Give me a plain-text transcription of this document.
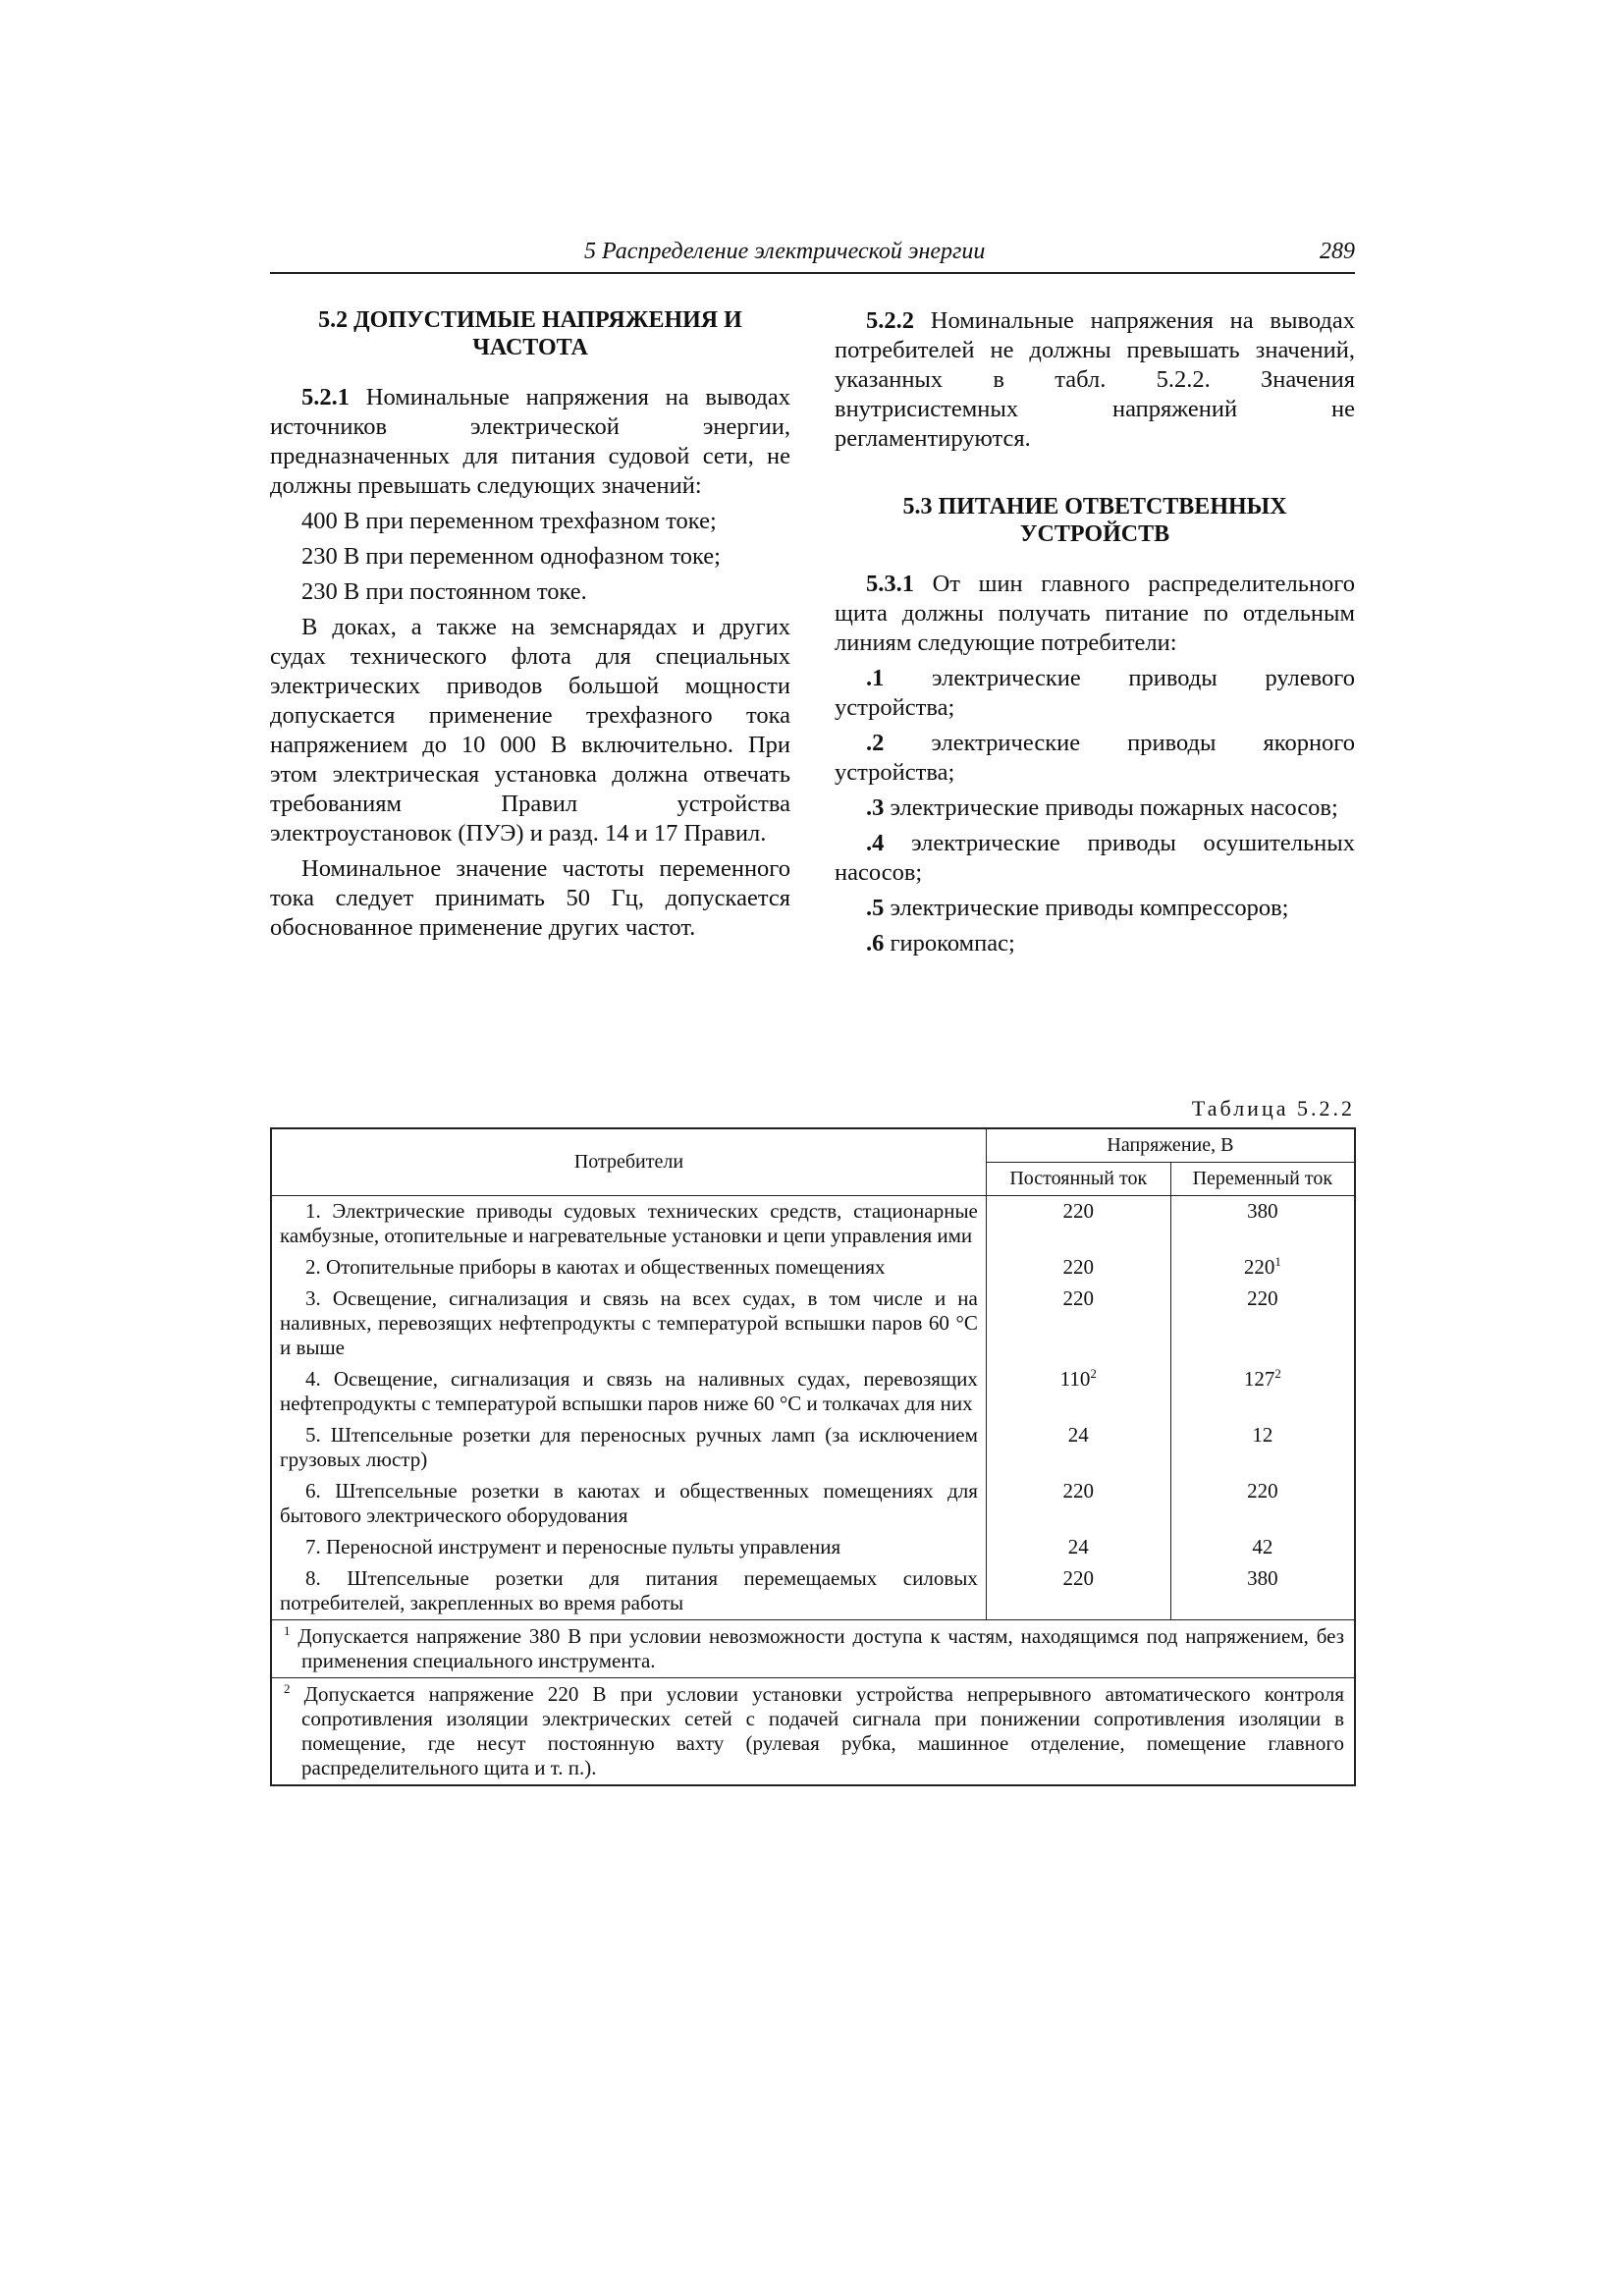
5 Распределение электрической энергии	289
5.2 ДОПУСТИМЫЕ НАПРЯЖЕНИЯ И ЧАСТОТА

5.2.1 Номинальные напряжения на выводах источников электрической энергии, предназначенных для питания судовой сети, не должны превышать следующих значений:

400 В при переменном трехфазном токе;

230 В при переменном однофазном токе;

230 В при постоянном токе.

В доках, а также на земснарядах и других судах технического флота для специальных электрических приводов большой мощности допускается применение трехфазного тока напряжением до 10 000 В включительно. При этом электрическая установка должна отвечать требованиям Правил устройства электроустановок (ПУЭ) и разд. 14 и 17 Правил.

Номинальное значение частоты переменного тока следует принимать 50 Гц, допускается обоснованное применение других частот.

5.2.2 Номинальные напряжения на выводах потребителей не должны превышать значений, указанных в табл. 5.2.2. Значения внутрисистемных напряжений не регламентируются.

5.3 ПИТАНИЕ ОТВЕТСТВЕННЫХ УСТРОЙСТВ

5.3.1 От шин главного распределительного щита должны получать питание по отдельным линиям следующие потребители:

.1 электрические приводы рулевого устройства;

.2 электрические приводы якорного устройства;

.3 электрические приводы пожарных насосов;

.4 электрические приводы осушительных насосов;

.5 электрические приводы компрессоров;

.6 гирокомпас;

Таблица 5.2.2
Потребители	Напряжение, В	
	Постоянный ток	Переменный ток
1. Электрические приводы судовых технических средств, стационарные камбузные, отопительные и нагревательные установки и цепи управления ими	220	380
2. Отопительные приборы в каютах и общественных помещениях	220	$220^1$
3. Освещение, сигнализация и связь на всех судах, в том числе и на наливных, перевозящих нефтепродукты с температурой вспышки паров 60 °С и выше	220	220
4. Освещение, сигнализация и связь на наливных судах, перевозящих нефтепродукты с температурой вспышки паров ниже 60 °С и толкачах для них	$110^2$	$127^2$
5. Штепсельные розетки для переносных ручных ламп (за исключением грузовых люстр)	24	12
6. Штепсельные розетки в каютах и общественных помещениях для бытового электрического оборудования	220	220
7. Переносной инструмент и переносные пульты управления	24	42
8. Штепсельные розетки для питания перемещаемых силовых потребителей, закрепленных во время работы	220	380
$^1$ Допускается напряжение 380 В при условии невозможности доступа к частям, находящимся под напряжением, без применения специального инструмента.		
$^2$ Допускается напряжение 220 В при условии установки устройства непрерывного автоматического контроля сопротивления изоляции электрических сетей с подачей сигнала при понижении сопротивления изоляции в помещение, где несут постоянную вахту (рулевая рубка, машинное отделение, помещение главного распределительного щита и т. п.).		
